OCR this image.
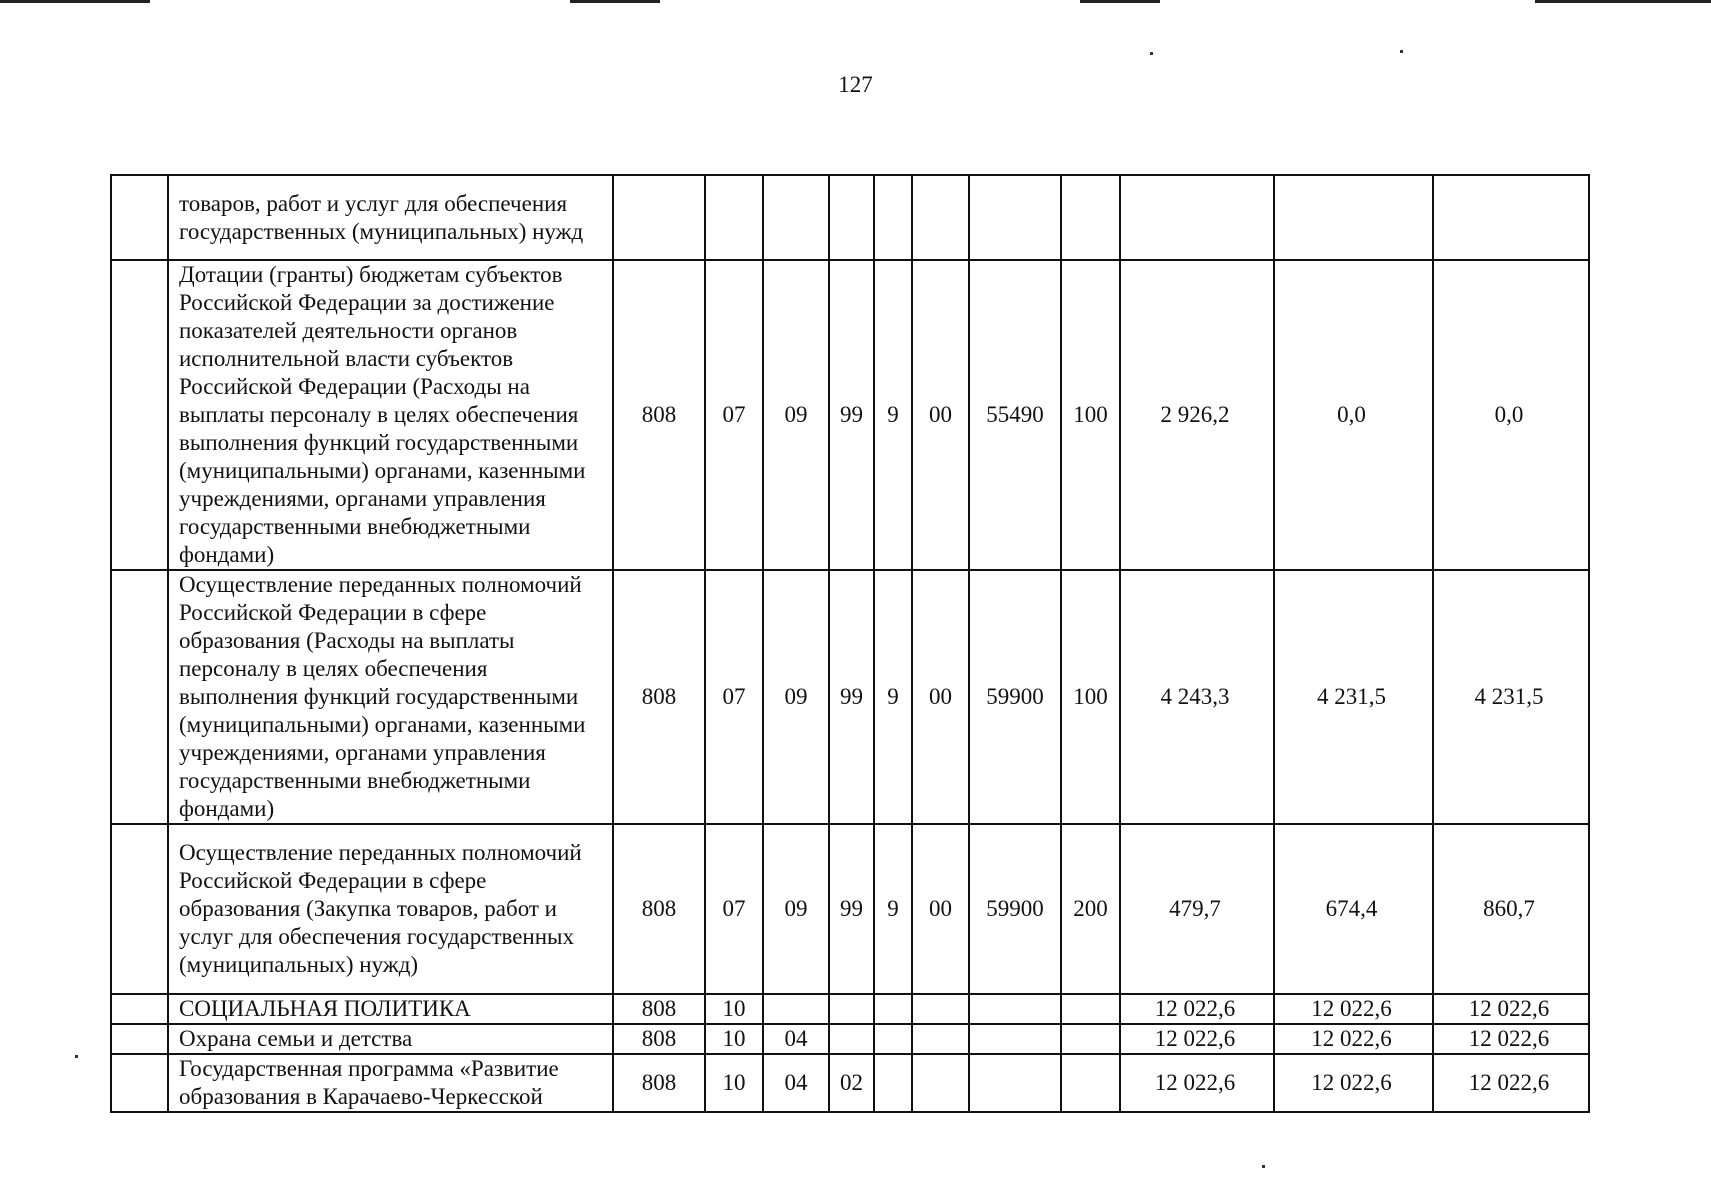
127
	товаров, работ и услуг для обеспечения государственных (муниципальных) нужд											
	Дотации (гранты) бюджетам субъектов Российской Федерации за достижение показателей деятельности органов исполнительной власти субъектов Российской Федерации (Расходы на выплаты персоналу в целях обеспечения выполнения функций государственными (муниципальными) органами, казенными учреждениями, органами управления государственными внебюджетными фондами)	808	07	09	99	9	00	55490	100	2 926,2	0,0	0,0
	Осуществление переданных полномочий Российской Федерации в сфере образования (Расходы на выплаты персоналу в целях обеспечения выполнения функций государственными (муниципальными) органами, казенными учреждениями, органами управления государственными внебюджетными фондами)	808	07	09	99	9	00	59900	100	4 243,3	4 231,5	4 231,5
	Осуществление переданных полномочий Российской Федерации в сфере образования (Закупка товаров, работ и услуг для обеспечения государственных (муниципальных) нужд)	808	07	09	99	9	00	59900	200	479,7	674,4	860,7
	СОЦИАЛЬНАЯ ПОЛИТИКА	808	10							12 022,6	12 022,6	12 022,6
	Охрана семьи и детства	808	10	04						12 022,6	12 022,6	12 022,6
	Государственная программа «Развитие образования в Карачаево-Черкесской	808	10	04	02					12 022,6	12 022,6	12 022,6
